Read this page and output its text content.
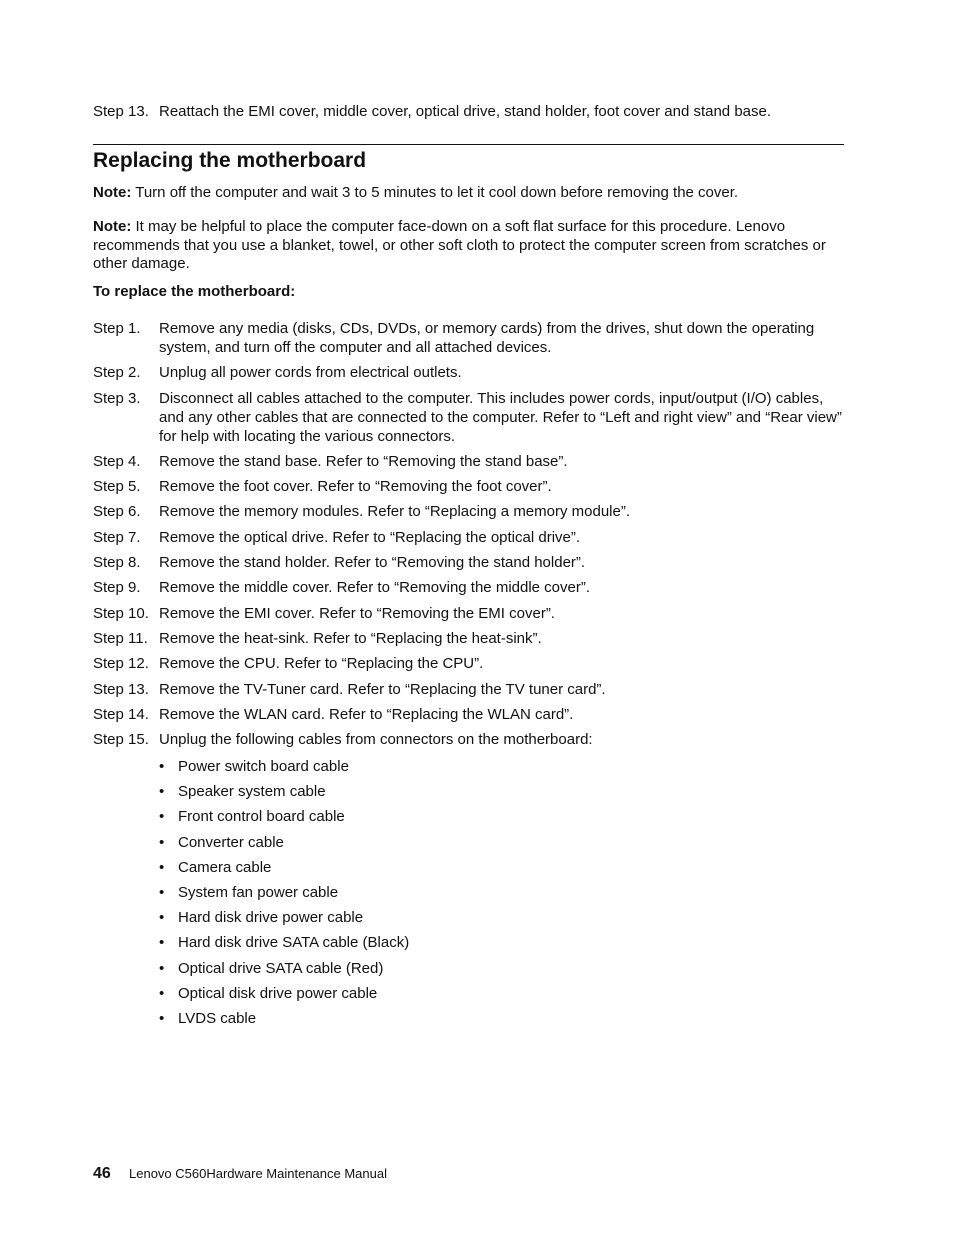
Step 13. Reattach the EMI cover, middle cover, optical drive, stand holder, foot cover and stand base.
Replacing the motherboard

Note: Turn off the computer and wait 3 to 5 minutes to let it cool down before removing the cover.

Note: It may be helpful to place the computer face-down on a soft flat surface for this procedure. Lenovo recommends that you use a blanket, towel, or other soft cloth to protect the computer screen from scratches or other damage.

To replace the motherboard:

Step 1. Remove any media (disks, CDs, DVDs, or memory cards) from the drives, shut down the operating system, and turn off the computer and all attached devices.
Step 2. Unplug all power cords from electrical outlets.
Step 3. Disconnect all cables attached to the computer. This includes power cords, input/output (I/O) cables, and any other cables that are connected to the computer. Refer to “Left and right view” and “Rear view” for help with locating the various connectors.
Step 4. Remove the stand base. Refer to “Removing the stand base”.
Step 5. Remove the foot cover. Refer to “Removing the foot cover”.
Step 6. Remove the memory modules. Refer to “Replacing a memory module”.
Step 7. Remove the optical drive. Refer to “Replacing the optical drive”.
Step 8. Remove the stand holder. Refer to “Removing the stand holder”.
Step 9. Remove the middle cover. Refer to “Removing the middle cover”.
Step 10. Remove the EMI cover. Refer to “Removing the EMI cover”.
Step 11. Remove the heat-sink. Refer to “Replacing the heat-sink”.
Step 12. Remove the CPU. Refer to “Replacing the CPU”.
Step 13. Remove the TV-Tuner card. Refer to “Replacing the TV tuner card”.
Step 14. Remove the WLAN card. Refer to “Replacing the WLAN card”.
Step 15. Unplug the following cables from connectors on the motherboard:
• Power switch board cable
• Speaker system cable
• Front control board cable
• Converter cable
• Camera cable
• System fan power cable
• Hard disk drive power cable
• Hard disk drive SATA cable (Black)
• Optical drive SATA cable (Red)
• Optical disk drive power cable
• LVDS cable
46 Lenovo C560Hardware Maintenance Manual
